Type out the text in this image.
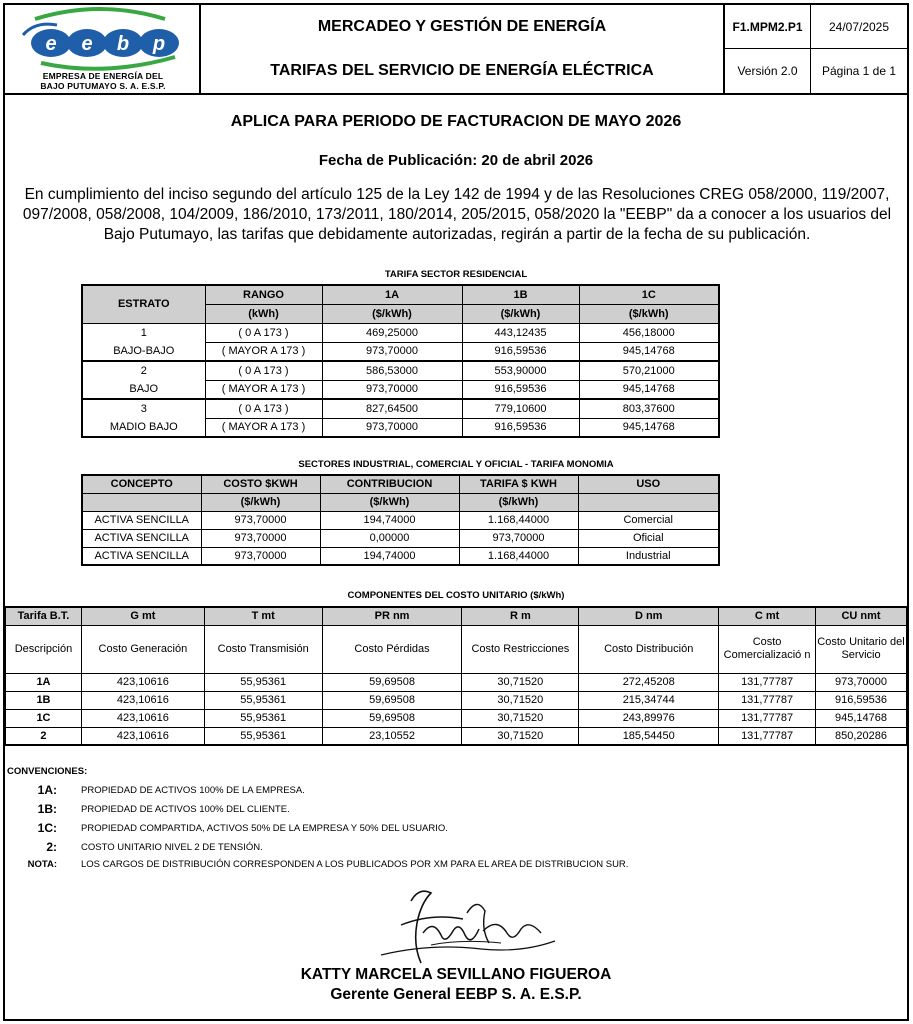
e e b p
EMPRESA DE ENERGÍA DEL
BAJO PUTUMAYO S. A. E.S.P.
MERCADEO Y GESTIÓN DE ENERGÍA
TARIFAS DEL SERVICIO DE ENERGÍA ELÉCTRICA
F1.MPM2.P1	24/07/2025
Versión 2.0	Página 1 de 1
APLICA PARA PERIODO DE FACTURACION DE MAYO 2026
Fecha de Publicación: 20 de abril 2026
En cumplimiento del inciso segundo del artículo 125 de la Ley 142 de 1994 y de las Resoluciones CREG 058/2000, 119/2007, 097/2008, 058/2008, 104/2009, 186/2010, 173/2011, 180/2014, 205/2015, 058/2020 la "EEBP" da a conocer a los usuarios del Bajo Putumayo, las tarifas que debidamente autorizadas, regirán a partir de la fecha de su publicación.
TARIFA SECTOR RESIDENCIAL
ESTRATO	RANGO	1A	1B	1C
	(kWh)	($/kWh)	($/kWh)	($/kWh)
1	( 0 A 173 )	469,25000	443,12435	456,18000
BAJO-BAJO	( MAYOR A 173 )	973,70000	916,59536	945,14768
2	( 0 A 173 )	586,53000	553,90000	570,21000
BAJO	( MAYOR A 173 )	973,70000	916,59536	945,14768
3	( 0 A 173 )	827,64500	779,10600	803,37600
MADIO BAJO	( MAYOR A 173 )	973,70000	916,59536	945,14768
SECTORES INDUSTRIAL, COMERCIAL Y OFICIAL - TARIFA MONOMIA
CONCEPTO	COSTO $KWH	CONTRIBUCION	TARIFA $ KWH	USO
	($/kWh)	($/kWh)	($/kWh)	
ACTIVA SENCILLA	973,70000	194,74000	1.168,44000	Comercial
ACTIVA SENCILLA	973,70000	0,00000	973,70000	Oficial
ACTIVA SENCILLA	973,70000	194,74000	1.168,44000	Industrial
COMPONENTES DEL COSTO UNITARIO ($/kWh)
Tarifa B.T.	G mt	T mt	PR nm	R m	D nm	C mt	CU nmt
Descripción	Costo Generación	Costo Transmisión	Costo Pérdidas	Costo Restricciones	Costo Distribución	Costo Comercializació n	Costo Unitario del Servicio
1A	423,10616	55,95361	59,69508	30,71520	272,45208	131,77787	973,70000
1B	423,10616	55,95361	59,69508	30,71520	215,34744	131,77787	916,59536
1C	423,10616	55,95361	59,69508	30,71520	243,89976	131,77787	945,14768
2	423,10616	55,95361	23,10552	30,71520	185,54450	131,77787	850,20286
CONVENCIONES:
1A:	PROPIEDAD DE ACTIVOS 100% DE LA EMPRESA.
1B:	PROPIEDAD DE ACTIVOS 100% DEL CLIENTE.
1C:	PROPIEDAD COMPARTIDA, ACTIVOS 50% DE LA EMPRESA Y 50% DEL USUARIO.
2:	COSTO UNITARIO NIVEL 2 DE TENSIÓN.
NOTA:	LOS CARGOS DE DISTRIBUCIÓN CORRESPONDEN A LOS PUBLICADOS POR XM PARA EL AREA DE DISTRIBUCION SUR.
KATTY MARCELA SEVILLANO FIGUEROA
Gerente General EEBP S. A. E.S.P.
